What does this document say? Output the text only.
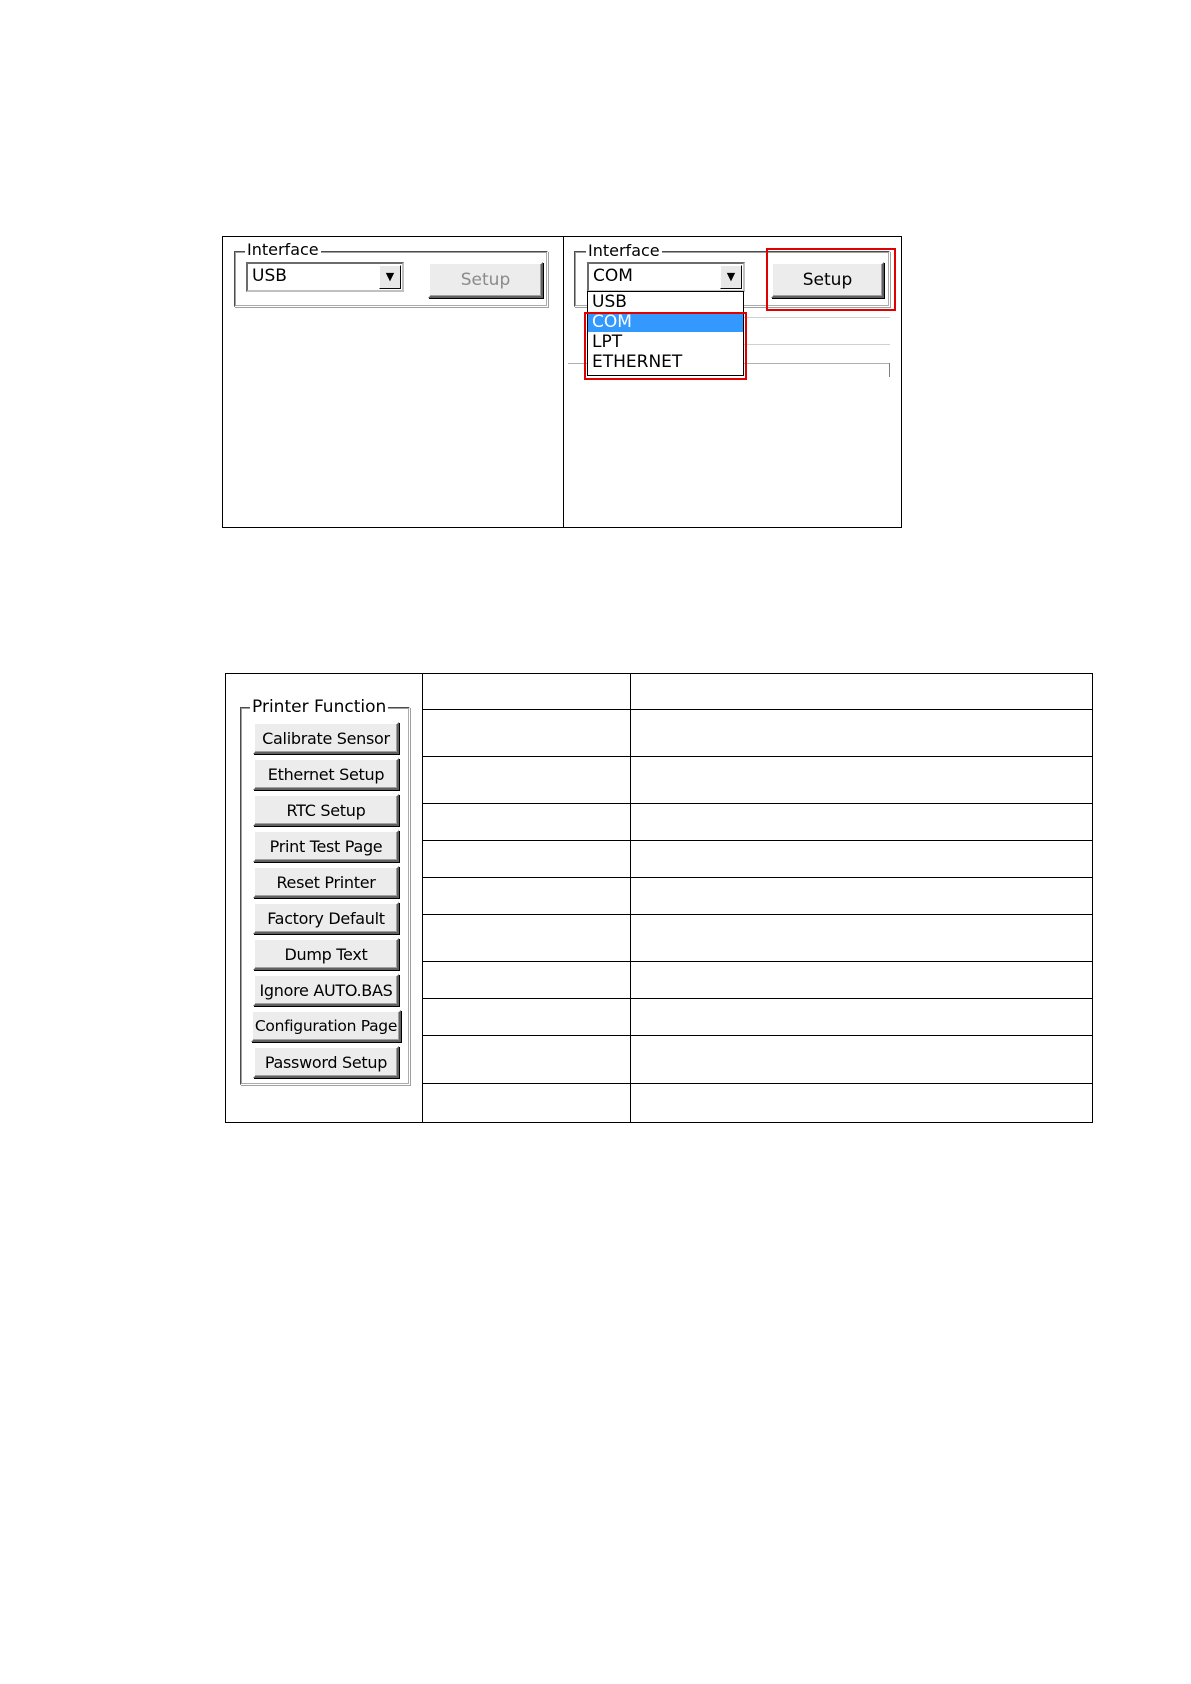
Interface
USB	▼	Setup
Interface
COM	▼	Setup
USB
COM
LPT
ETHERNET
Printer Function
Calibrate Sensor
Ethernet Setup
RTC Setup
Print Test Page
Reset Printer
Factory Default
Dump Text
Ignore AUTO.BAS
Configuration Page
Password Setup
